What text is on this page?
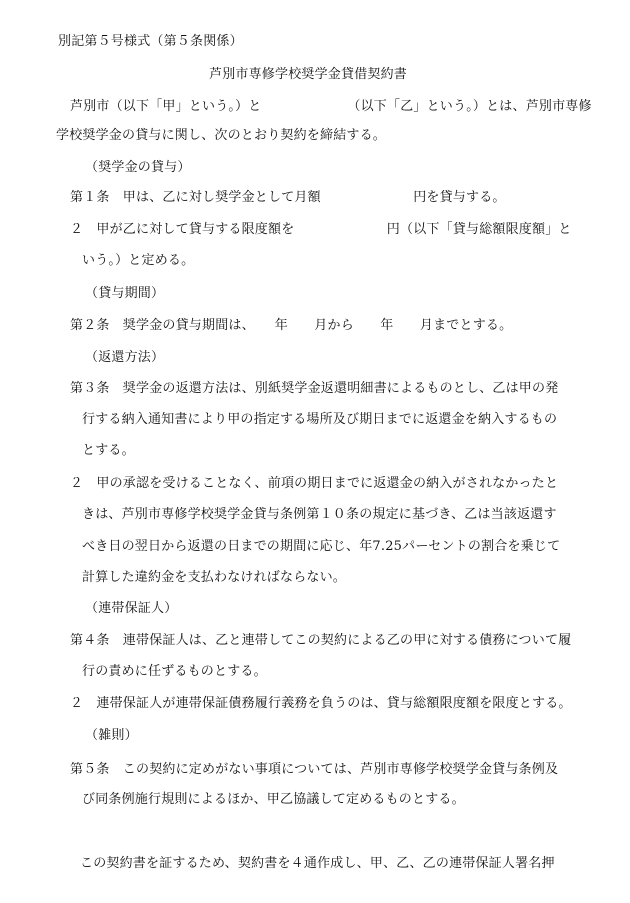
別記第５号様式（第５条関係）
芦別市専修学校奨学金貸借契約書
芦別市（以下「甲」という。）と　　　　　　　（以下「乙」という。）とは、芦別市専修
学校奨学金の貸与に関し、次のとおり契約を締結する。
（奨学金の貸与）
第１条　甲は、乙に対し奨学金として月額　　　　　　　円を貸与する。
２　甲が乙に対して貸与する限度額を　　　　　　　円（以下「貸与総額限度額」と
いう。）と定める。
（貸与期間）
第２条　奨学金の貸与期間は、　　年　　月から　　年　　月までとする。
（返還方法）
第３条　奨学金の返還方法は、別紙奨学金返還明細書によるものとし、乙は甲の発
行する納入通知書により甲の指定する場所及び期日までに返還金を納入するもの
とする。
２　甲の承認を受けることなく、前項の期日までに返還金の納入がされなかったと
きは、芦別市専修学校奨学金貸与条例第１０条の規定に基づき、乙は当該返還す
べき日の翌日から返還の日までの期間に応じ、年7.25パーセントの割合を乗じて
計算した違約金を支払わなければならない。
（連帯保証人）
第４条　連帯保証人は、乙と連帯してこの契約による乙の甲に対する債務について履
行の責めに任ずるものとする。
２　連帯保証人が連帯保証債務履行義務を負うのは、貸与総額限度額を限度とする。
（雑則）
第５条　この契約に定めがない事項については、芦別市専修学校奨学金貸与条例及
び同条例施行規則によるほか、甲乙協議して定めるものとする。
この契約書を証するため、契約書を４通作成し、甲、乙、乙の連帯保証人署名押
